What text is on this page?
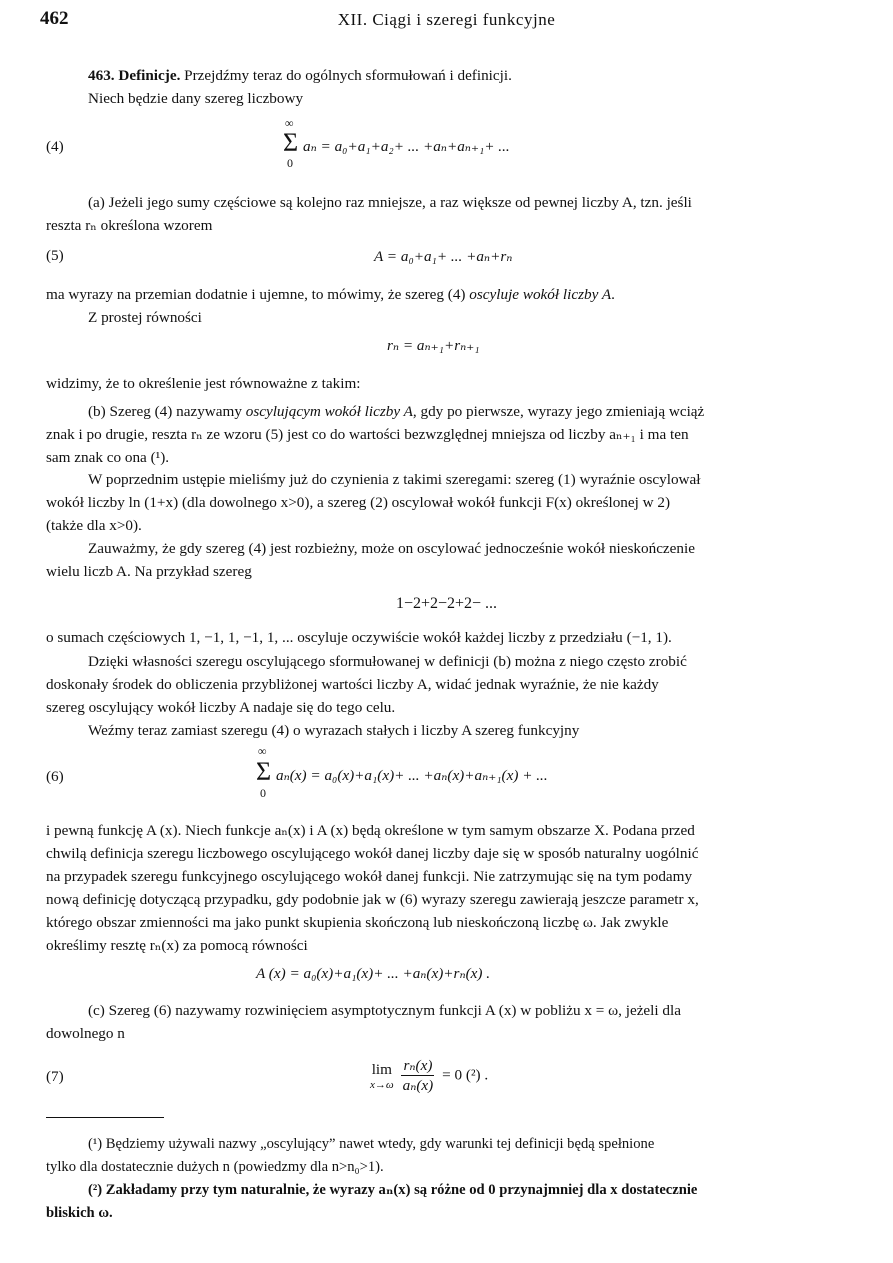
462	XII. Ciągi i szeregi funkcyjne
463. Definicje. Przejdźmy teraz do ogólnych sformułowań i definicji.
Niech będzie dany szereg liczbowy
(4)
∞
Σ
0
aₙ = a₀+a₁+a₂+ ... +aₙ+aₙ₊₁+ ...
(a) Jeżeli jego sumy częściowe są kolejno raz mniejsze, a raz większe od pewnej liczby A, tzn. jeśli
reszta rₙ określona wzorem
(5)	A = a₀+a₁+ ... +aₙ+rₙ
ma wyrazy na przemian dodatnie i ujemne, to mówimy, że szereg (4) oscyluje wokół liczby A.
Z prostej równości
rₙ = aₙ₊₁+rₙ₊₁
widzimy, że to określenie jest równoważne z takim:
(b) Szereg (4) nazywamy oscylującym wokół liczby A, gdy po pierwsze, wyrazy jego zmieniają wciąż
znak i po drugie, reszta rₙ ze wzoru (5) jest co do wartości bezwzględnej mniejsza od liczby aₙ₊₁ i ma ten
sam znak co ona (¹).
W poprzednim ustępie mieliśmy już do czynienia z takimi szeregami: szereg (1) wyraźnie oscylował
wokół liczby ln (1+x) (dla dowolnego x>0), a szereg (2) oscylował wokół funkcji F(x) określonej w 2)
(także dla x>0).
Zauważmy, że gdy szereg (4) jest rozbieżny, może on oscylować jednocześnie wokół nieskończenie
wielu liczb A. Na przykład szereg
1−2+2−2+2− ...
o sumach częściowych 1, −1, 1, −1, 1, ... oscyluje oczywiście wokół każdej liczby z przedziału (−1, 1).
Dzięki własności szeregu oscylującego sformułowanej w definicji (b) można z niego często zrobić
doskonały środek do obliczenia przybliżonej wartości liczby A, widać jednak wyraźnie, że nie każdy
szereg oscylujący wokół liczby A nadaje się do tego celu.
Weźmy teraz zamiast szeregu (4) o wyrazach stałych i liczby A szereg funkcyjny
(6)
∞
Σ
0
aₙ(x) = a₀(x)+a₁(x)+ ... +aₙ(x)+aₙ₊₁(x) + ...
i pewną funkcję A (x). Niech funkcje aₙ(x) i A (x) będą określone w tym samym obszarze X. Podana przed
chwilą definicja szeregu liczbowego oscylującego wokół danej liczby daje się w sposób naturalny uogólnić
na przypadek szeregu funkcyjnego oscylującego wokół danej funkcji. Nie zatrzymując się na tym podamy
nową definicję dotyczącą przypadku, gdy podobnie jak w (6) wyrazy szeregu zawierają jeszcze parametr x,
którego obszar zmienności ma jako punkt skupienia skończoną lub nieskończoną liczbę ω. Jak zwykle
określimy resztę rₙ(x) za pomocą równości
A (x) = a₀(x)+a₁(x)+ ... +aₙ(x)+rₙ(x) .
(c) Szereg (6) nazywamy rozwinięciem asymptotycznym funkcji A (x) w pobliżu x = ω, jeżeli dla
dowolnego n
(7)	lim
x→ω
$\frac{\text{rₙ(x)}}{\text{aₙ(x)}} = 0$ (²) .
(¹) Będziemy używali nazwy „oscylujący” nawet wtedy, gdy warunki tej definicji będą spełnione
tylko dla dostatecznie dużych n (powiedzmy dla n>n₀>1).
(²) Zakładamy przy tym naturalnie, że wyrazy aₙ(x) są różne od 0 przynajmniej dla x dostatecznie
bliskich ω.
